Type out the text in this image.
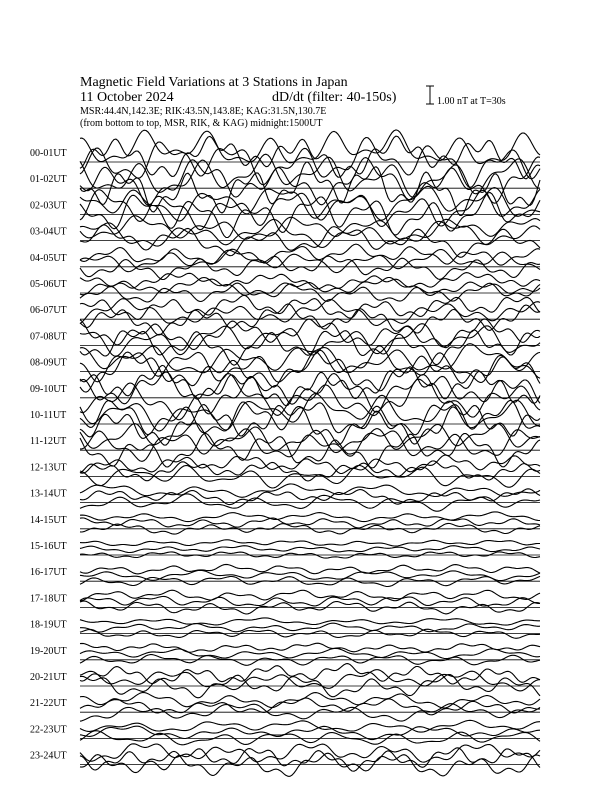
Magnetic Field Variations at 3 Stations in Japan
11 October 2024	dD/dt (filter: 40-150s)
MSR:44.4N,142.3E; RIK:43.5N,143.8E; KAG:31.5N,130.7E
(from bottom to top, MSR, RIK, & KAG) midnight:1500UT
1.00 nT at T=30s
00-01UT
01-02UT
02-03UT
03-04UT
04-05UT
05-06UT
06-07UT
07-08UT
08-09UT
09-10UT
10-11UT
11-12UT
12-13UT
13-14UT
14-15UT
15-16UT
16-17UT
17-18UT
18-19UT
19-20UT
20-21UT
21-22UT
22-23UT
23-24UT
